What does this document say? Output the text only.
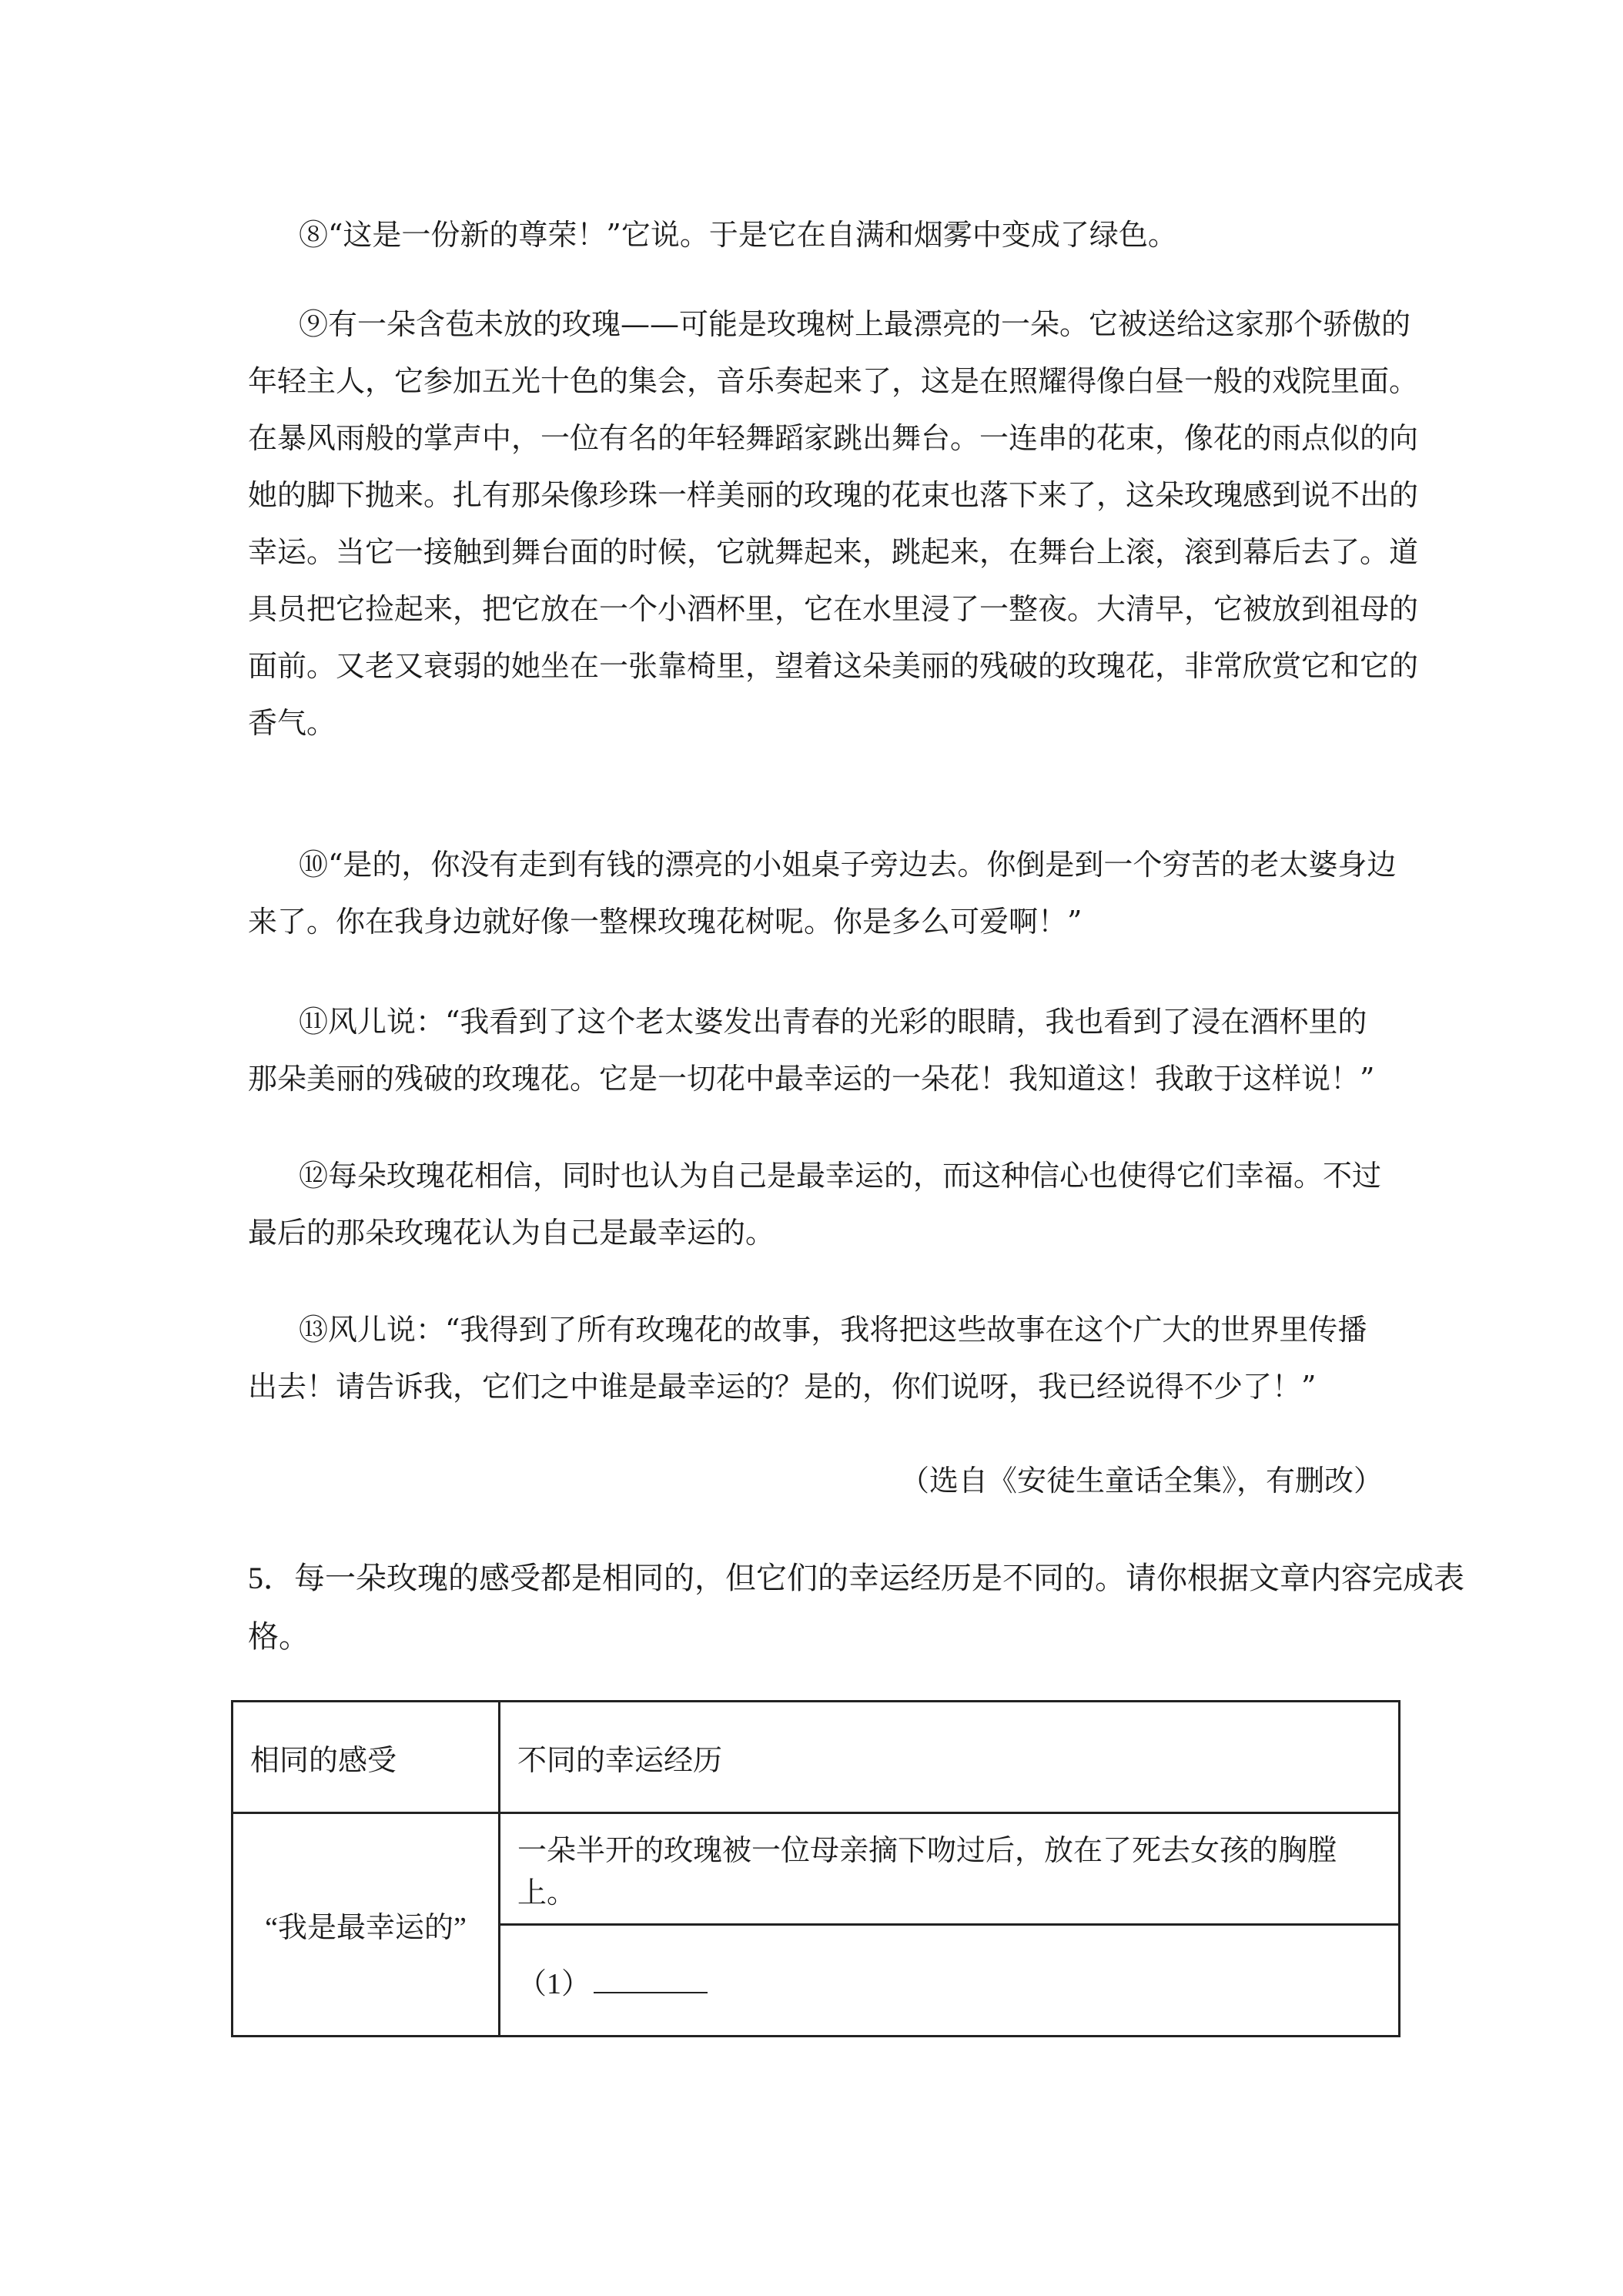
⑧“这是一份新的尊荣！”它说。于是它在自满和烟雾中变成了绿色。
⑨有一朵含苞未放的玫瑰——可能是玫瑰树上最漂亮的一朵。它被送给这家那个骄傲的
年轻主人，它参加五光十色的集会，音乐奏起来了，这是在照耀得像白昼一般的戏院里面。
在暴风雨般的掌声中，一位有名的年轻舞蹈家跳出舞台。一连串的花束，像花的雨点似的向
她的脚下抛来。扎有那朵像珍珠一样美丽的玫瑰的花束也落下来了，这朵玫瑰感到说不出的
幸运。当它一接触到舞台面的时候，它就舞起来，跳起来，在舞台上滚，滚到幕后去了。道
具员把它捡起来，把它放在一个小酒杯里，它在水里浸了一整夜。大清早，它被放到祖母的
面前。又老又衰弱的她坐在一张靠椅里，望着这朵美丽的残破的玫瑰花，非常欣赏它和它的
香气。
⑩“是的，你没有走到有钱的漂亮的小姐桌子旁边去。你倒是到一个穷苦的老太婆身边
来了。你在我身边就好像一整棵玫瑰花树呢。你是多么可爱啊！”
⑪风儿说：“我看到了这个老太婆发出青春的光彩的眼睛，我也看到了浸在酒杯里的
那朵美丽的残破的玫瑰花。它是一切花中最幸运的一朵花！我知道这！我敢于这样说！”
⑫每朵玫瑰花相信，同时也认为自己是最幸运的，而这种信心也使得它们幸福。不过
最后的那朵玫瑰花认为自己是最幸运的。
⑬风儿说：“我得到了所有玫瑰花的故事，我将把这些故事在这个广大的世界里传播
出去！请告诉我，它们之中谁是最幸运的？是的，你们说呀，我已经说得不少了！”
（选自《安徒生童话全集》，有删改）
5．每一朵玫瑰的感受都是相同的，但它们的幸运经历是不同的。请你根据文章内容完成表
格。
相同的感受	不同的幸运经历
“我是最幸运的”	一朵半开的玫瑰被一位母亲摘下吻过后，放在了死去女孩的胸膛上。
	（1）
